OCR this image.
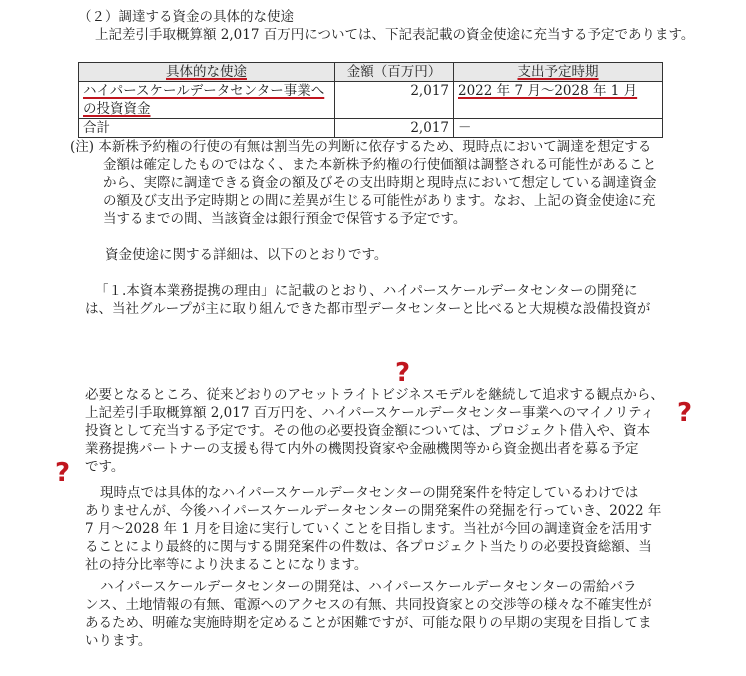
（２）調達する資金の具体的な使途
上記差引手取概算額 2,017 百万円については、下記表記載の資金使途に充当する予定であります。
具体的な使途	金額（百万円）	支出予定時期
ハイパースケールデータセンター事業への投資資金	2,017	2022 年 7 月～2028 年 1 月
合計	2,017	－
(注) 本新株予約権の行使の有無は割当先の判断に依存するため、現時点において調達を想定する
金額は確定したものではなく、また本新株予約権の行使価額は調整される可能性があること
から、実際に調達できる資金の額及びその支出時期と現時点において想定している調達資金
の額及び支出予定時期との間に差異が生じる可能性があります。なお、上記の資金使途に充
当するまでの間、当該資金は銀行預金で保管する予定です。
資金使途に関する詳細は、以下のとおりです。
「１.本資本業務提携の理由」に記載のとおり、ハイパースケールデータセンターの開発に
は、当社グループが主に取り組んできた都市型データセンターと比べると大規模な設備投資が
?
?
?
必要となるところ、従来どおりのアセットライトビジネスモデルを継続して追求する観点から、
上記差引手取概算額 2,017 百万円を、ハイパースケールデータセンター事業へのマイノリティ
投資として充当する予定です。その他の必要投資金額については、プロジェクト借入や、資本
業務提携パートナーの支援も得て内外の機関投資家や金融機関等から資金拠出者を募る予定
です。
現時点では具体的なハイパースケールデータセンターの開発案件を特定しているわけでは
ありませんが、今後ハイパースケールデータセンターの開発案件の発掘を行っていき、2022 年
7 月～2028 年 1 月を目途に実行していくことを目指します。当社が今回の調達資金を活用す
ることにより最終的に関与する開発案件の件数は、各プロジェクト当たりの必要投資総額、当
社の持分比率等により決まることになります。
ハイパースケールデータセンターの開発は、ハイパースケールデータセンターの需給バラ
ンス、土地情報の有無、電源へのアクセスの有無、共同投資家との交渉等の様々な不確実性が
あるため、明確な実施時期を定めることが困難ですが、可能な限りの早期の実現を目指してま
いります。
